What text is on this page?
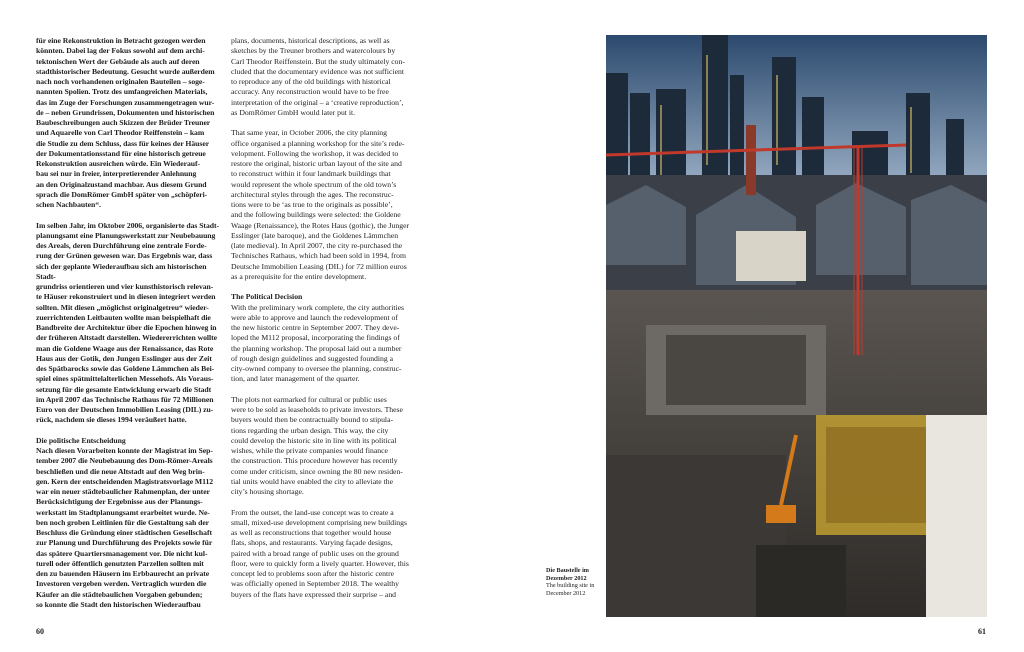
für eine Rekonstruktion in Betracht gezogen werden
könnten. Dabei lag der Fokus sowohl auf dem archi-
tektonischen Wert der Gebäude als auch auf deren
stadthistorischer Bedeutung. Gesucht wurde außerdem
nach noch vorhandenen originalen Bauteilen – soge-
nannten Spolien. Trotz des umfangreichen Materials,
das im Zuge der Forschungen zusammengetragen wur-
de – neben Grundrissen, Dokumenten und historischen
Baubeschreibungen auch Skizzen der Brüder Treuner
und Aquarelle von Carl Theodor Reiffenstein – kam
die Studie zu dem Schluss, dass für keines der Häuser
der Dokumentationsstand für eine historisch getreue
Rekonstruktion ausreichen würde. Ein Wiederauf-
bau sei nur in freier, interpretierender Anlehnung
an den Originalzustand machbar. Aus diesem Grund
sprach die DomRömer GmbH später von „schöpferi-
schen Nachbauten“.

Im selben Jahr, im Oktober 2006, organisierte das Stadt-
planungsamt eine Planungswerkstatt zur Neubebauung
des Areals, deren Durchführung eine zentrale Forde-
rung der Grünen gewesen war. Das Ergebnis war, dass
sich der geplante Wiederaufbau sich am historischen Stadt-
grundriss orientieren und vier kunsthistorisch relevan-
te Häuser rekonstruiert und in diesen integriert werden
sollten. Mit diesen „möglichst originalgetreu“ wieder-
zuerrichtenden Leitbauten wollte man beispielhaft die
Bandbreite der Architektur über die Epochen hinweg in
der früheren Altstadt darstellen. Wiedererrichten wollte
man die Goldene Waage aus der Renaissance, das Rote
Haus aus der Gotik, den Jungen Esslinger aus der Zeit
des Spätbarocks sowie das Goldene Lämmchen als Bei-
spiel eines spätmittelalterlichen Messehofs. Als Voraus-
setzung für die gesamte Entwicklung erwarb die Stadt
im April 2007 das Technische Rathaus für 72 Millionen
Euro von der Deutschen Immobilien Leasing (DIL) zu-
rück, nachdem sie dieses 1994 veräußert hatte.

Die politische Entscheidung
Nach diesen Vorarbeiten konnte der Magistrat im Sep-
tember 2007 die Neubebauung des Dom-Römer-Areals
beschließen und die neue Altstadt auf den Weg brin-
gen. Kern der entscheidenden Magistratsvorlage M112
war ein neuer städtebaulicher Rahmenplan, der unter
Berücksichtigung der Ergebnisse aus der Planungs-
werkstatt im Stadtplanungsamt erarbeitet wurde. Ne-
ben noch groben Leitlinien für die Gestaltung sah der
Beschluss die Gründung einer städtischen Gesellschaft
zur Planung und Durchführung des Projekts sowie für
das spätere Quartiersmanagement vor. Die nicht kul-
turell oder öffentlich genutzten Parzellen sollten mit
den zu bauenden Häusern im Erbbaurecht an private
Investoren vergeben werden. Vertraglich wurden die
Käufer an die städtebaulichen Vorgaben gebunden;
so konnte die Stadt den historischen Wiederaufbau

plans, documents, historical descriptions, as well as
sketches by the Treuner brothers and watercolours by
Carl Theodor Reiffenstein. But the study ultimately con-
cluded that the documentary evidence was not sufficient
to reproduce any of the old buildings with historical
accuracy. Any reconstruction would have to be free
interpretation of the original – a ‘creative reproduction’,
as DomRömer GmbH would later put it.

That same year, in October 2006, the city planning
office organised a planning workshop for the site’s rede-
velopment. Following the workshop, it was decided to
restore the original, historic urban layout of the site and
to reconstruct within it four landmark buildings that
would represent the whole spectrum of the old town’s
architectural styles through the ages. The reconstruc-
tions were to be ‘as true to the originals as possible’,
and the following buildings were selected: the Goldene
Waage (Renaissance), the Rotes Haus (gothic), the Junger
Esslinger (late baroque), and the Goldenes Lämmchen
(late medieval). In April 2007, the city re-purchased the
Technisches Rathaus, which had been sold in 1994, from
Deutsche Immobilien Leasing (DIL) for 72 million euros
as a prerequisite for the entire development.

The Political Decision

With the preliminary work complete, the city authorities
were able to approve and launch the redevelopment of
the new historic centre in September 2007. They deve-
loped the M112 proposal, incorporating the findings of
the planning workshop. The proposal laid out a number
of rough design guidelines and suggested founding a
city-owned company to oversee the planning, construc-
tion, and later management of the quarter.

The plots not earmarked for cultural or public uses
were to be sold as leaseholds to private investors. These
buyers would then be contractually bound to stipula-
tions regarding the urban design. This way, the city
could develop the historic site in line with its political
wishes, while the private companies would finance
the construction. This procedure however has recently
come under criticism, since owning the 80 new residen-
tial units would have enabled the city to alleviate the
city’s housing shortage.

From the outset, the land-use concept was to create a
small, mixed-use development comprising new buildings
as well as reconstructions that together would house
flats, shops, and restaurants. Varying façade designs,
paired with a broad range of public uses on the ground
floor, were to quickly form a lively quarter. However, this
concept led to problems soon after the historic centre
was officially opened in September 2018. The wealthy
buyers of the flats have expressed their surprise – and

Die Baustelle im
Dezember 2012
The building site in
December 2012
60	61
